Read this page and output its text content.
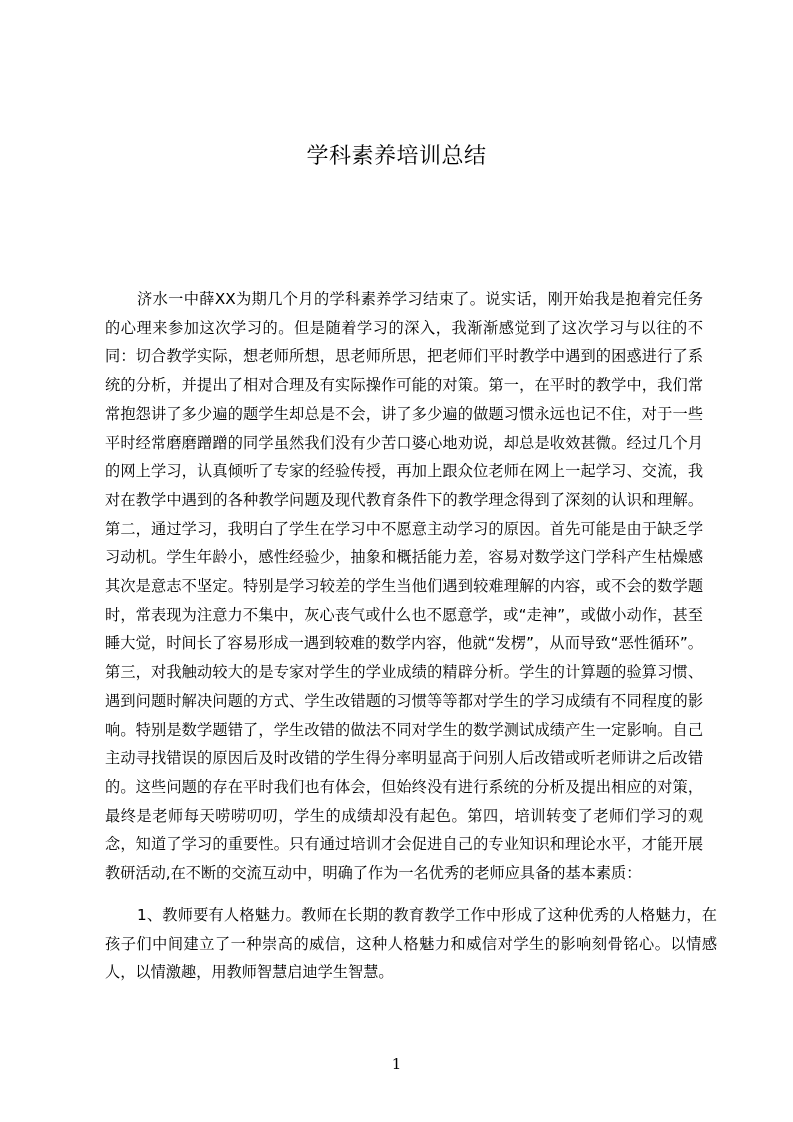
学科素养培训总结

济水一中薛XX为期几个月的学科素养学习结束了。说实话，刚开始我是抱着完任务的心理来参加这次学习的。但是随着学习的深入，我渐渐感觉到了这次学习与以往的不同：切合教学实际，想老师所想，思老师所思，把老师们平时教学中遇到的困惑进行了系统的分析，并提出了相对合理及有实际操作可能的对策。第一，在平时的教学中，我们常常抱怨讲了多少遍的题学生却总是不会，讲了多少遍的做题习惯永远也记不住，对于一些平时经常磨磨蹭蹭的同学虽然我们没有少苦口婆心地劝说，却总是收效甚微。经过几个月的网上学习，认真倾听了专家的经验传授，再加上跟众位老师在网上一起学习、交流，我对在教学中遇到的各种教学问题及现代教育条件下的教学理念得到了深刻的认识和理解。第二，通过学习，我明白了学生在学习中不愿意主动学习的原因。首先可能是由于缺乏学习动机。学生年龄小，感性经验少，抽象和概括能力差，容易对数学这门学科产生枯燥感其次是意志不坚定。特别是学习较差的学生当他们遇到较难理解的内容，或不会的数学题时，常表现为注意力不集中，灰心丧气或什么也不愿意学，或“走神”，或做小动作，甚至睡大觉，时间长了容易形成一遇到较难的数学内容，他就“发楞”，从而导致“恶性循环”。第三，对我触动较大的是专家对学生的学业成绩的精辟分析。学生的计算题的验算习惯、遇到问题时解决问题的方式、学生改错题的习惯等等都对学生的学习成绩有不同程度的影响。特别是数学题错了，学生改错的做法不同对学生的数学测试成绩产生一定影响。自己主动寻找错误的原因后及时改错的学生得分率明显高于问别人后改错或听老师讲之后改错的。这些问题的存在平时我们也有体会，但始终没有进行系统的分析及提出相应的对策，最终是老师每天唠唠叨叨，学生的成绩却没有起色。第四，培训转变了老师们学习的观念，知道了学习的重要性。只有通过培训才会促进自己的专业知识和理论水平，才能开展教研活动,在不断的交流互动中，明确了作为一名优秀的老师应具备的基本素质：

1、教师要有人格魅力。教师在长期的教育教学工作中形成了这种优秀的人格魅力，在孩子们中间建立了一种崇高的威信，这种人格魅力和威信对学生的影响刻骨铭心。以情感人，以情激趣，用教师智慧启迪学生智慧。

1
